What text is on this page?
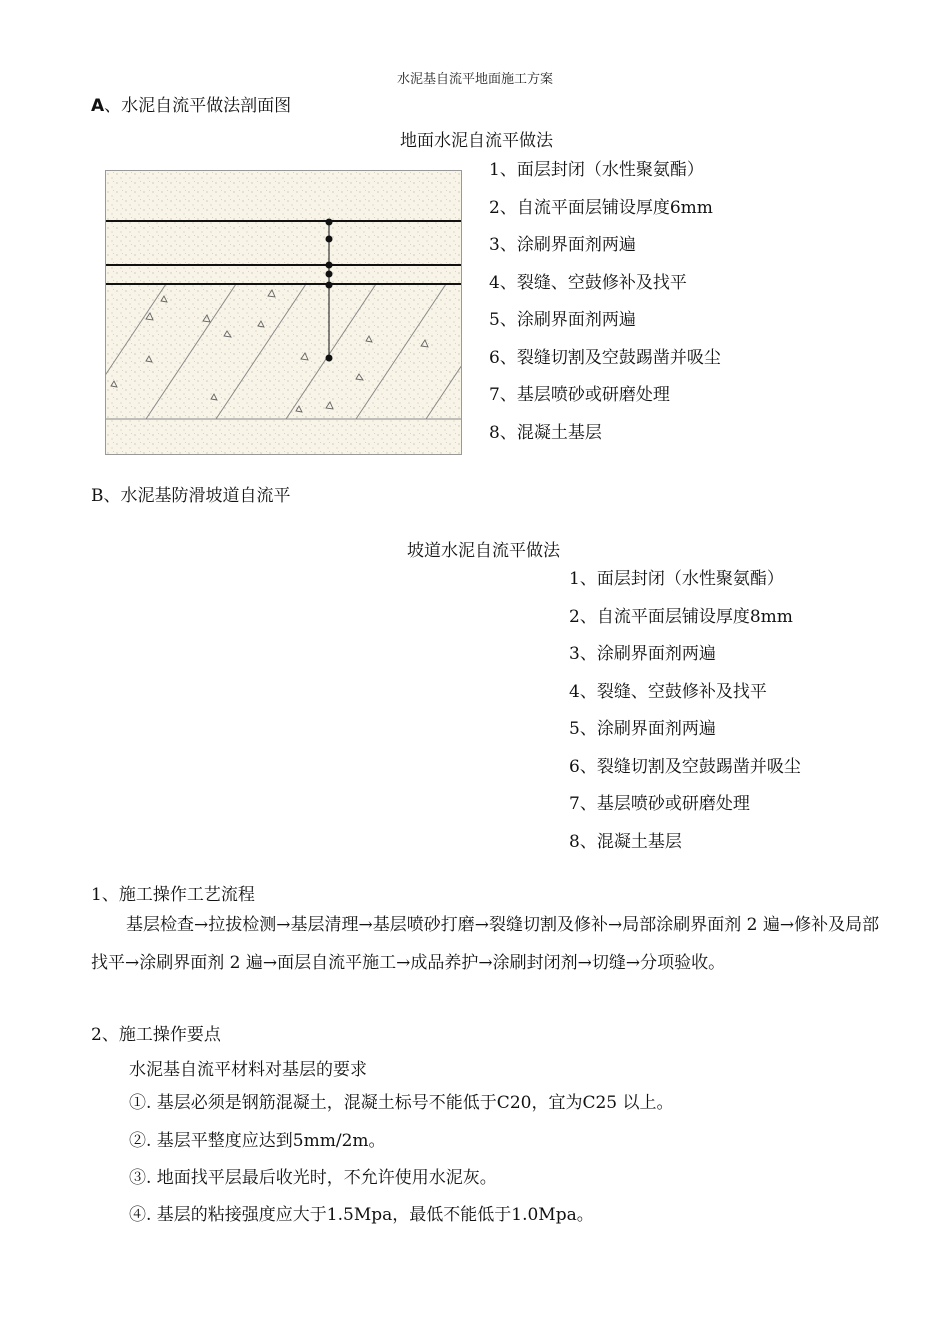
水泥基自流平地面施工方案
A、水泥自流平做法剖面图
地面水泥自流平做法
1、面层封闭（水性聚氨酯）
2、自流平面层铺设厚度6mm
3、涂刷界面剂两遍
4、裂缝、空鼓修补及找平
5、涂刷界面剂两遍
6、裂缝切割及空鼓踢凿并吸尘
7、基层喷砂或研磨处理
8、混凝土基层
B、水泥基防滑坡道自流平
坡道水泥自流平做法
1、面层封闭（水性聚氨酯）
2、自流平面层铺设厚度8mm
3、涂刷界面剂两遍
4、裂缝、空鼓修补及找平
5、涂刷界面剂两遍
6、裂缝切割及空鼓踢凿并吸尘
7、基层喷砂或研磨处理
8、混凝土基层
1、施工操作工艺流程
基层检查→拉拔检测→基层清理→基层喷砂打磨→裂缝切割及修补→局部涂刷界面剂 2 遍→修补及局部找平→涂刷界面剂 2 遍→面层自流平施工→成品养护→涂刷封闭剂→切缝→分项验收。
2、施工操作要点
水泥基自流平材料对基层的要求
①. 基层必须是钢筋混凝土，混凝土标号不能低于C20，宜为C25 以上。
②. 基层平整度应达到5mm/2m。
③. 地面找平层最后收光时，不允许使用水泥灰。
④. 基层的粘接强度应大于1.5Mpa，最低不能低于1.0Mpa。
